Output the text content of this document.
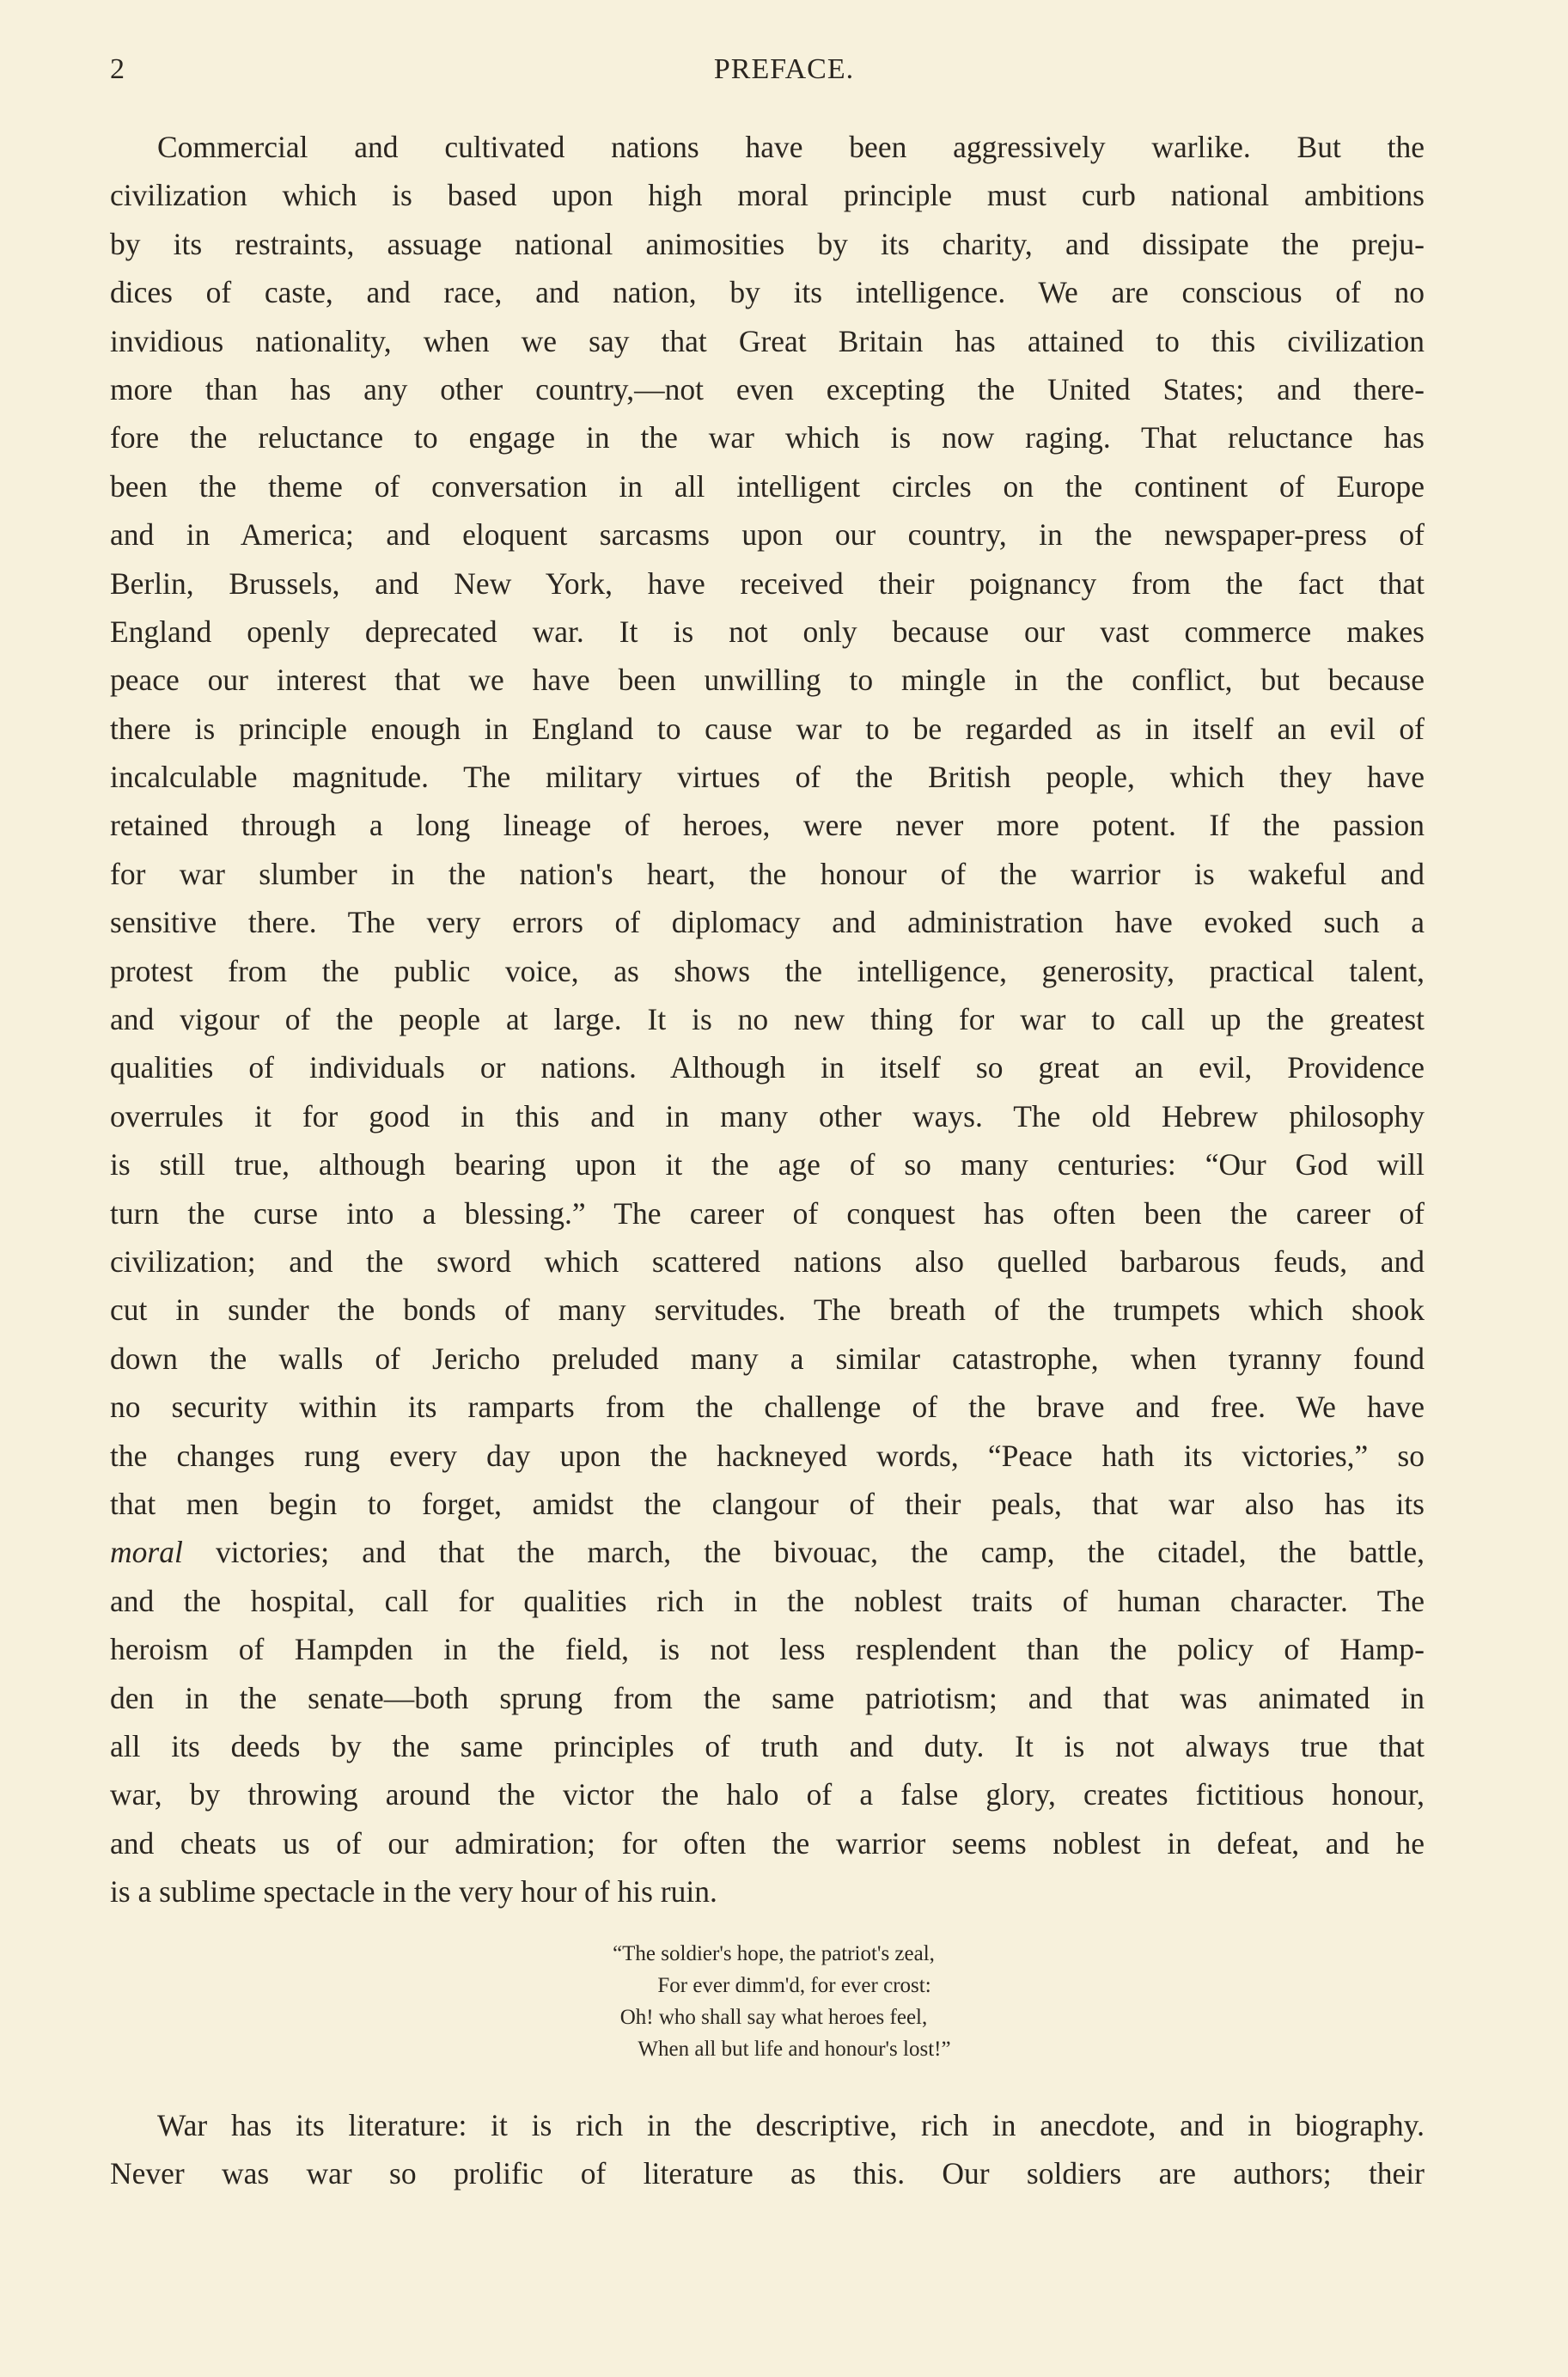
2	PREFACE.
Commercial and cultivated nations have been aggressively warlike. But the
civilization which is based upon high moral principle must curb national ambitions
by its restraints, assuage national animosities by its charity, and dissipate the preju-
dices of caste, and race, and nation, by its intelligence. We are conscious of no
invidious nationality, when we say that Great Britain has attained to this civilization
more than has any other country,—not even excepting the United States; and there-
fore the reluctance to engage in the war which is now raging. That reluctance has
been the theme of conversation in all intelligent circles on the continent of Europe
and in America; and eloquent sarcasms upon our country, in the newspaper-press of
Berlin, Brussels, and New York, have received their poignancy from the fact that
England openly deprecated war. It is not only because our vast commerce makes
peace our interest that we have been unwilling to mingle in the conflict, but because
there is principle enough in England to cause war to be regarded as in itself an evil of
incalculable magnitude. The military virtues of the British people, which they have
retained through a long lineage of heroes, were never more potent. If the passion
for war slumber in the nation's heart, the honour of the warrior is wakeful and
sensitive there. The very errors of diplomacy and administration have evoked such a
protest from the public voice, as shows the intelligence, generosity, practical talent,
and vigour of the people at large. It is no new thing for war to call up the greatest
qualities of individuals or nations. Although in itself so great an evil, Providence
overrules it for good in this and in many other ways. The old Hebrew philosophy
is still true, although bearing upon it the age of so many centuries: “Our God will
turn the curse into a blessing.” The career of conquest has often been the career of
civilization; and the sword which scattered nations also quelled barbarous feuds, and
cut in sunder the bonds of many servitudes. The breath of the trumpets which shook
down the walls of Jericho preluded many a similar catastrophe, when tyranny found
no security within its ramparts from the challenge of the brave and free. We have
the changes rung every day upon the hackneyed words, “Peace hath its victories,” so
that men begin to forget, amidst the clangour of their peals, that war also has its
moral victories; and that the march, the bivouac, the camp, the citadel, the battle,
and the hospital, call for qualities rich in the noblest traits of human character. The
heroism of Hampden in the field, is not less resplendent than the policy of Hamp-
den in the senate—both sprung from the same patriotism; and that was animated in
all its deeds by the same principles of truth and duty. It is not always true that
war, by throwing around the victor the halo of a false glory, creates fictitious honour,
and cheats us of our admiration; for often the warrior seems noblest in defeat, and he
is a sublime spectacle in the very hour of his ruin.
“The soldier's hope, the patriot's zeal,
For ever dimm'd, for ever crost:
Oh! who shall say what heroes feel,
When all but life and honour's lost!”
War has its literature: it is rich in the descriptive, rich in anecdote, and in biography.
Never was war so prolific of literature as this. Our soldiers are authors; their
